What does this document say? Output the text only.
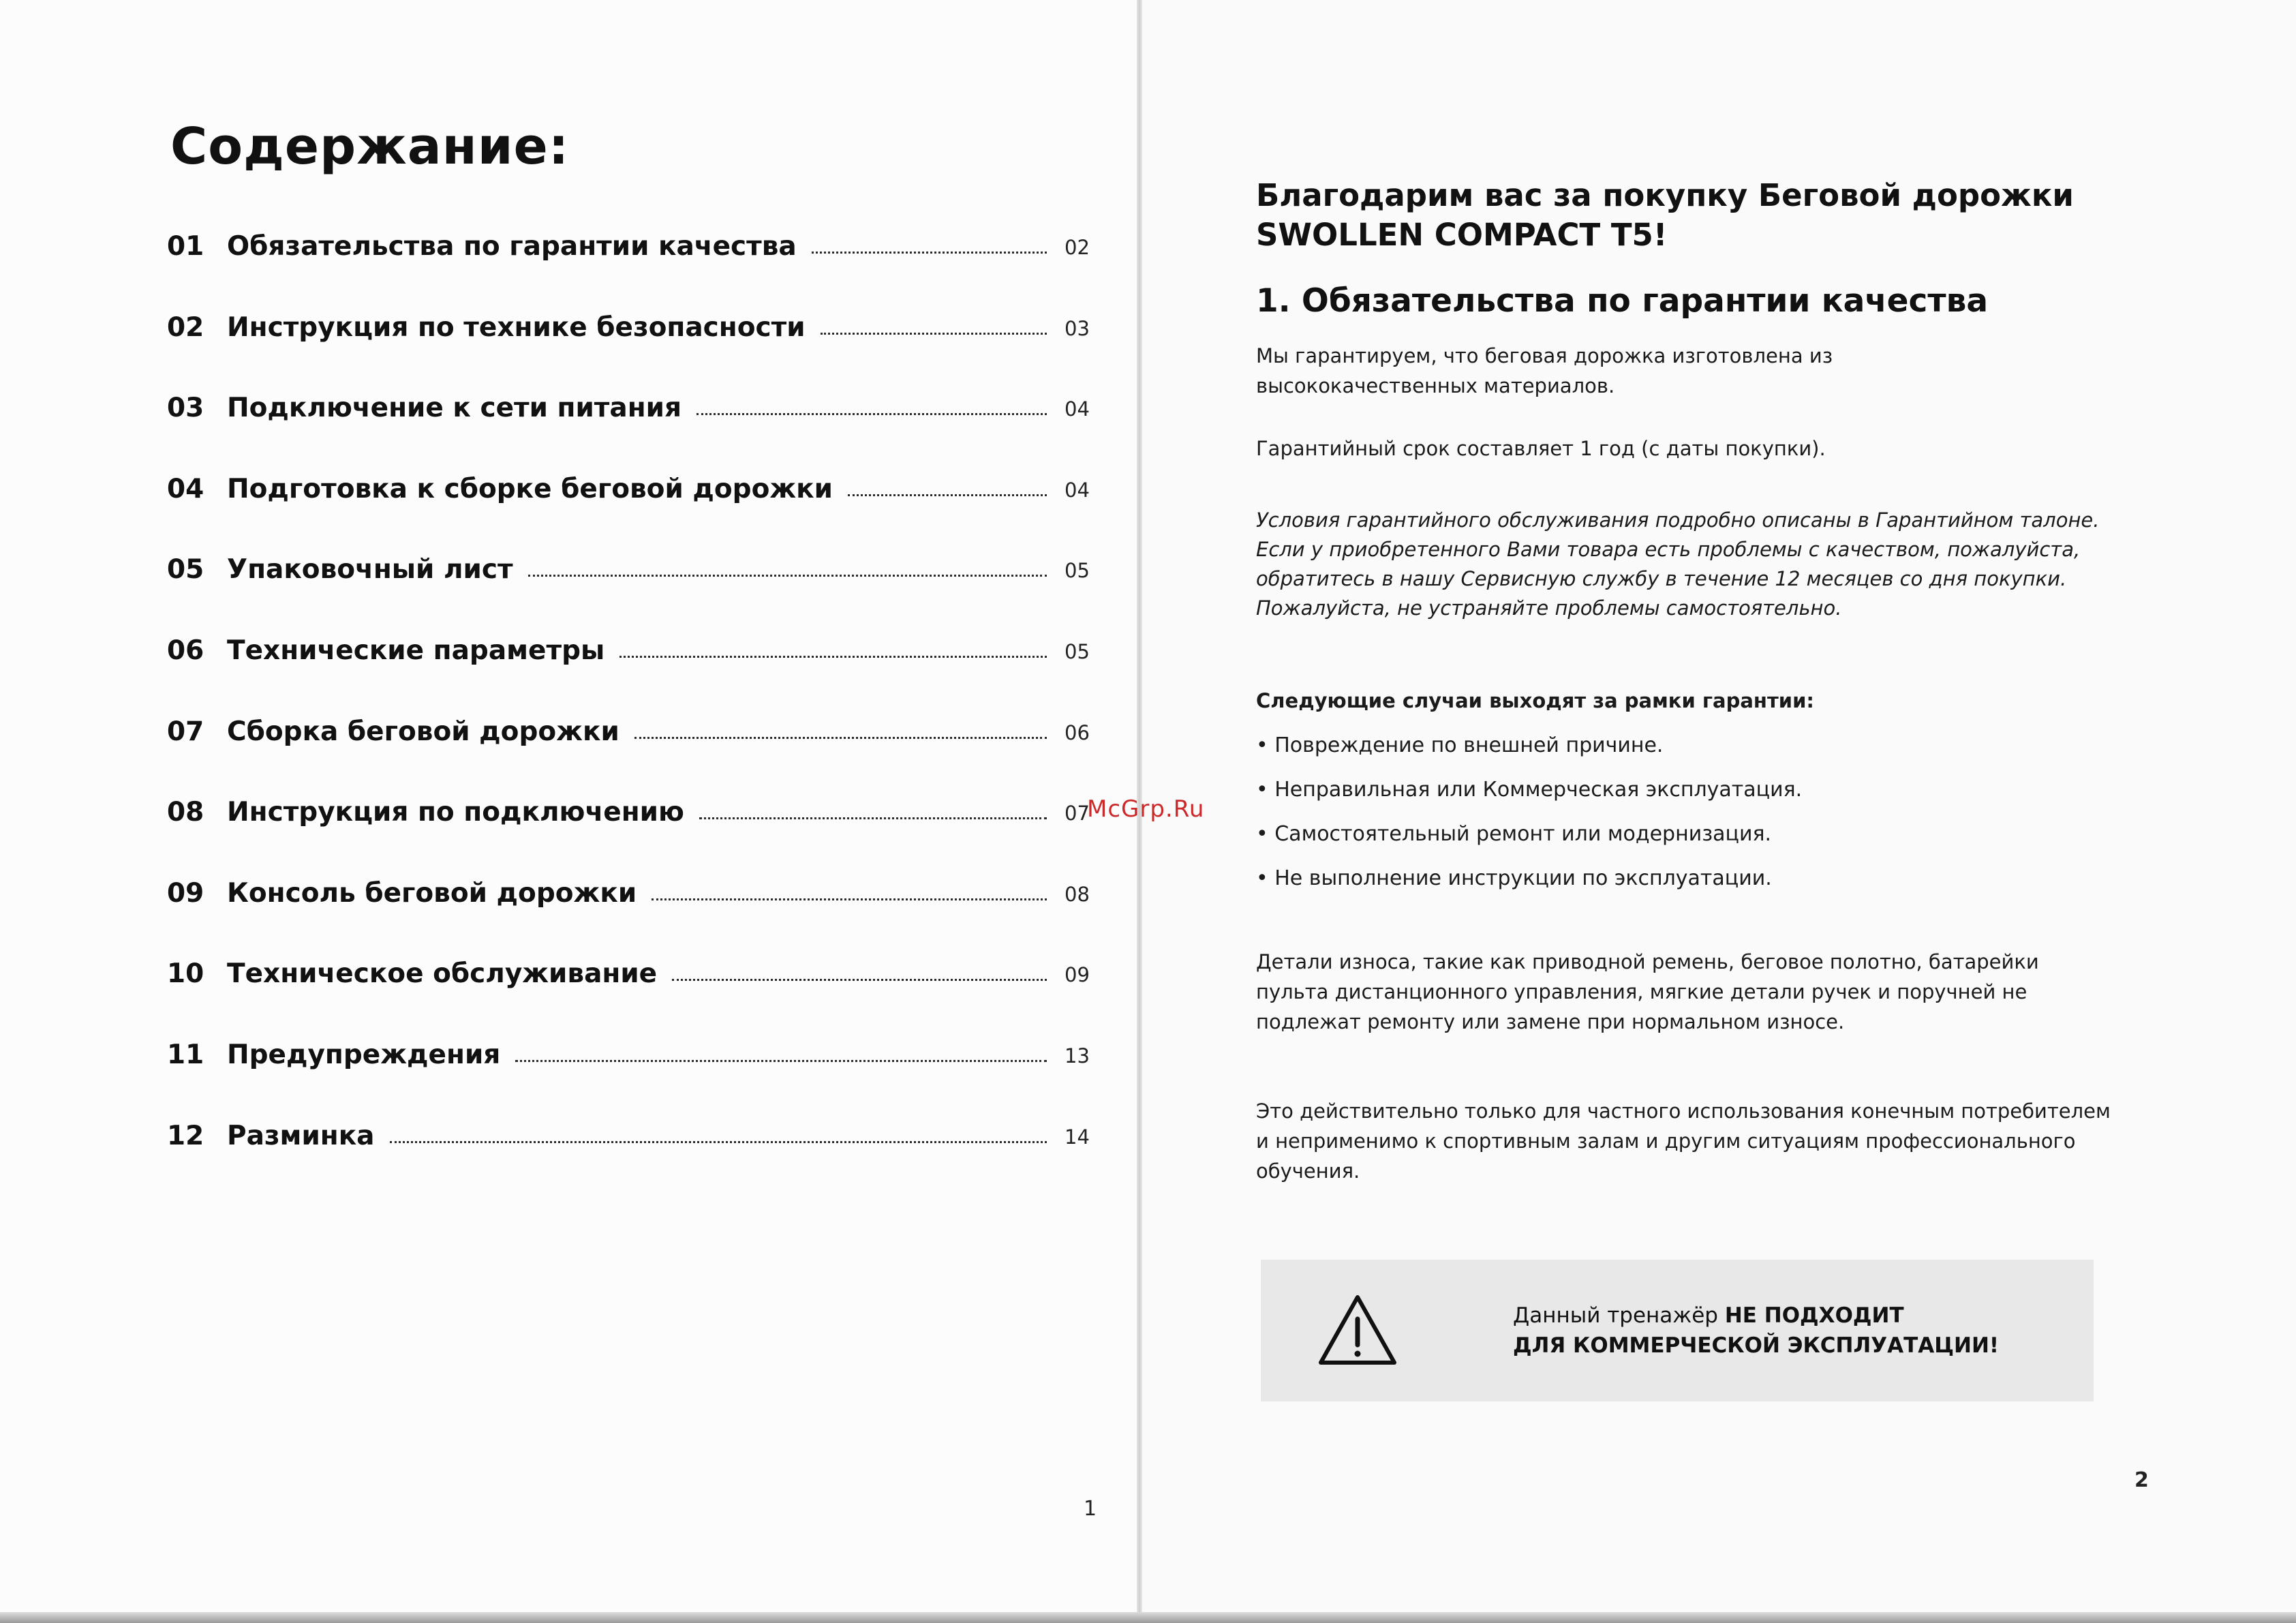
Содержание:
01 Обязательства по гарантии качества	02
02 Инструкция по технике безопасности	03
03 Подключение к сети питания	04
04 Подготовка к сборке беговой дорожки	04
05 Упаковочный лист	05
06 Технические параметры	05
07 Сборка беговой дорожки	06
08 Инструкция по подключению	07
09 Консоль беговой дорожки	08
10 Техническое обслуживание	09
11 Предупреждения	13
12 Разминка	14
1
Благодарим вас за покупку Беговой дорожки
SWOLLEN COMPACT T5!
1. Обязательства по гарантии качества

Мы гарантируем, что беговая дорожка изготовлена из высококачественных материалов.

Гарантийный срок составляет 1 год (с даты покупки).

Условия гарантийного обслуживания подробно описаны в Гарантийном талоне. Если у приобретенного Вами товара есть проблемы с качеством, пожалуйста, обратитесь в нашу Сервисную службу в течение 12 месяцев со дня покупки. Пожалуйста, не устраняйте проблемы самостоятельно.

Следующие случаи выходят за рамки гарантии:

• Повреждение по внешней причине.
• Неправильная или Коммерческая эксплуатация.
• Самостоятельный ремонт или модернизация.
• Не выполнение инструкции по эксплуатации.

Детали износа, такие как приводной ремень, беговое полотно, батарейки пульта дистанционного управления, мягкие детали ручек и поручней не подлежат ремонту или замене при нормальном износе.

Это действительно только для частного использования конечным потребителем и неприменимо к спортивным залам и другим ситуациям профессионального обучения.

Данный тренажёр НЕ ПОДХОДИТ
ДЛЯ КОММЕРЧЕСКОЙ ЭКСПЛУАТАЦИИ!
2
McGrp.Ru
